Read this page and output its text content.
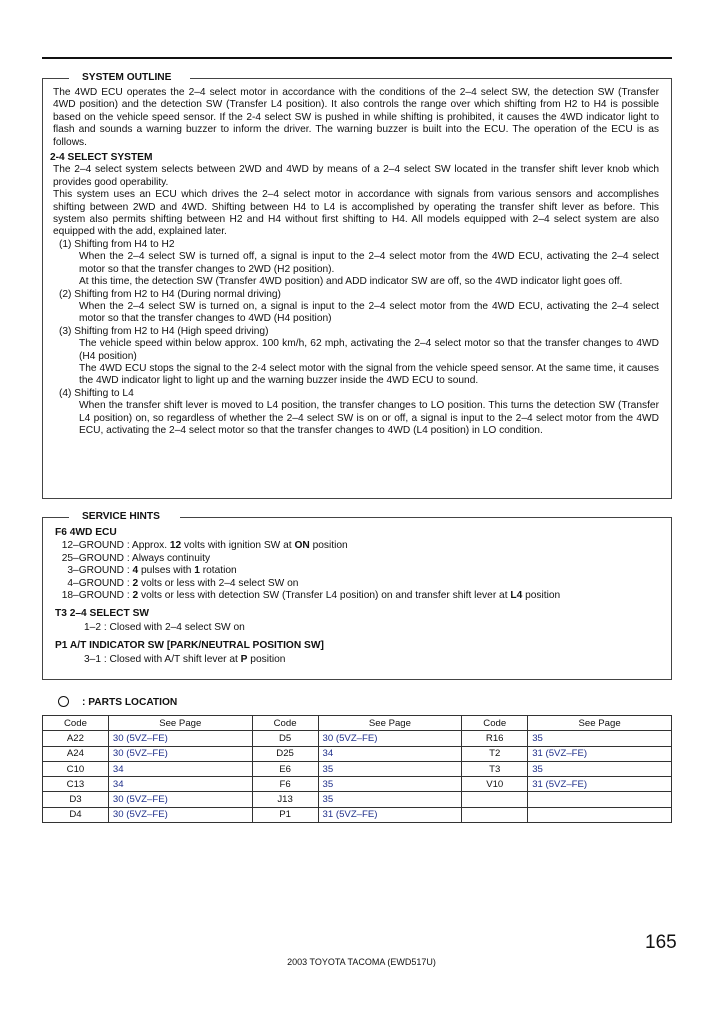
SYSTEM OUTLINE

The 4WD ECU operates the 2–4 select motor in accordance with the conditions of the 2–4 select SW, the detection SW (Transfer 4WD position) and the detection SW (Transfer L4 position). It also controls the range over which shifting from H2 to H4 is possible based on the vehicle speed sensor. If the 2-4 select SW is pushed in while shifting is prohibited, it causes the 4WD indicator light to flash and sounds a warning buzzer to inform the driver. The warning buzzer is built into the ECU. The operation of the ECU is as follows.

2-4 SELECT SYSTEM

The 2–4 select system selects between 2WD and 4WD by means of a 2–4 select SW located in the transfer shift lever knob which provides good operability.

This system uses an ECU which drives the 2–4 select motor in accordance with signals from various sensors and accomplishes shifting between 2WD and 4WD. Shifting between H4 to L4 is accomplished by operating the transfer shift lever as before. This system also permits shifting between H2 and H4 without first shifting to H4. All models equipped with 2–4 select system are also equipped with the add, explained later.

(1) Shifting from H4 to H2

When the 2–4 select SW is turned off, a signal is input to the 2–4 select motor from the 4WD ECU, activating the 2–4 select motor so that the transfer changes to 2WD (H2 position).

At this time, the detection SW (Transfer 4WD position) and ADD indicator SW are off, so the 4WD indicator light goes off.

(2) Shifting from H2 to H4 (During normal driving)

When the 2–4 select SW is turned on, a signal is input to the 2–4 select motor from the 4WD ECU, activating the 2–4 select motor so that the transfer changes to 4WD (H4 position)

(3) Shifting from H2 to H4 (High speed driving)

The vehicle speed within below approx. 100 km/h, 62 mph, activating the 2–4 select motor so that the transfer changes to 4WD (H4 position)

The 4WD ECU stops the signal to the 2-4 select motor with the signal from the vehicle speed sensor. At the same time, it causes the 4WD indicator light to light up and the warning buzzer inside the 4WD ECU to sound.

(4) Shifting to L4

When the transfer shift lever is moved to L4 position, the transfer changes to LO position. This turns the detection SW (Transfer L4 position) on, so regardless of whether the 2–4 select SW is on or off, a signal is input to the 2–4 select motor from the 4WD ECU, activating the 2–4 select motor so that the transfer changes to 4WD (L4 position) in LO condition.

SERVICE HINTS
F6 4WD ECU
12–GROUND : Approx. 12 volts with ignition SW at ON position
25–GROUND : Always continuity
3–GROUND : 4 pulses with 1 rotation
4–GROUND : 2 volts or less with 2–4 select SW on
18–GROUND : 2 volts or less with detection SW (Transfer L4 position) on and transfer shift lever at L4 position
T3 2–4 SELECT SW
1–2 : Closed with 2–4 select SW on
P1 A/T INDICATOR SW [PARK/NEUTRAL POSITION SW]
3–1 : Closed with A/T shift lever at P position
: PARTS LOCATION
Code	See Page	Code	See Page	Code	See Page
A22	30 (5VZ–FE)	D5	30 (5VZ–FE)	R16	35
A24	30 (5VZ–FE)	D25	34	T2	31 (5VZ–FE)
C10	34	E6	35	T3	35
C13	34	F6	35	V10	31 (5VZ–FE)
D3	30 (5VZ–FE)	J13	35		
D4	30 (5VZ–FE)	P1	31 (5VZ–FE)		
165
2003 TOYOTA TACOMA (EWD517U)
